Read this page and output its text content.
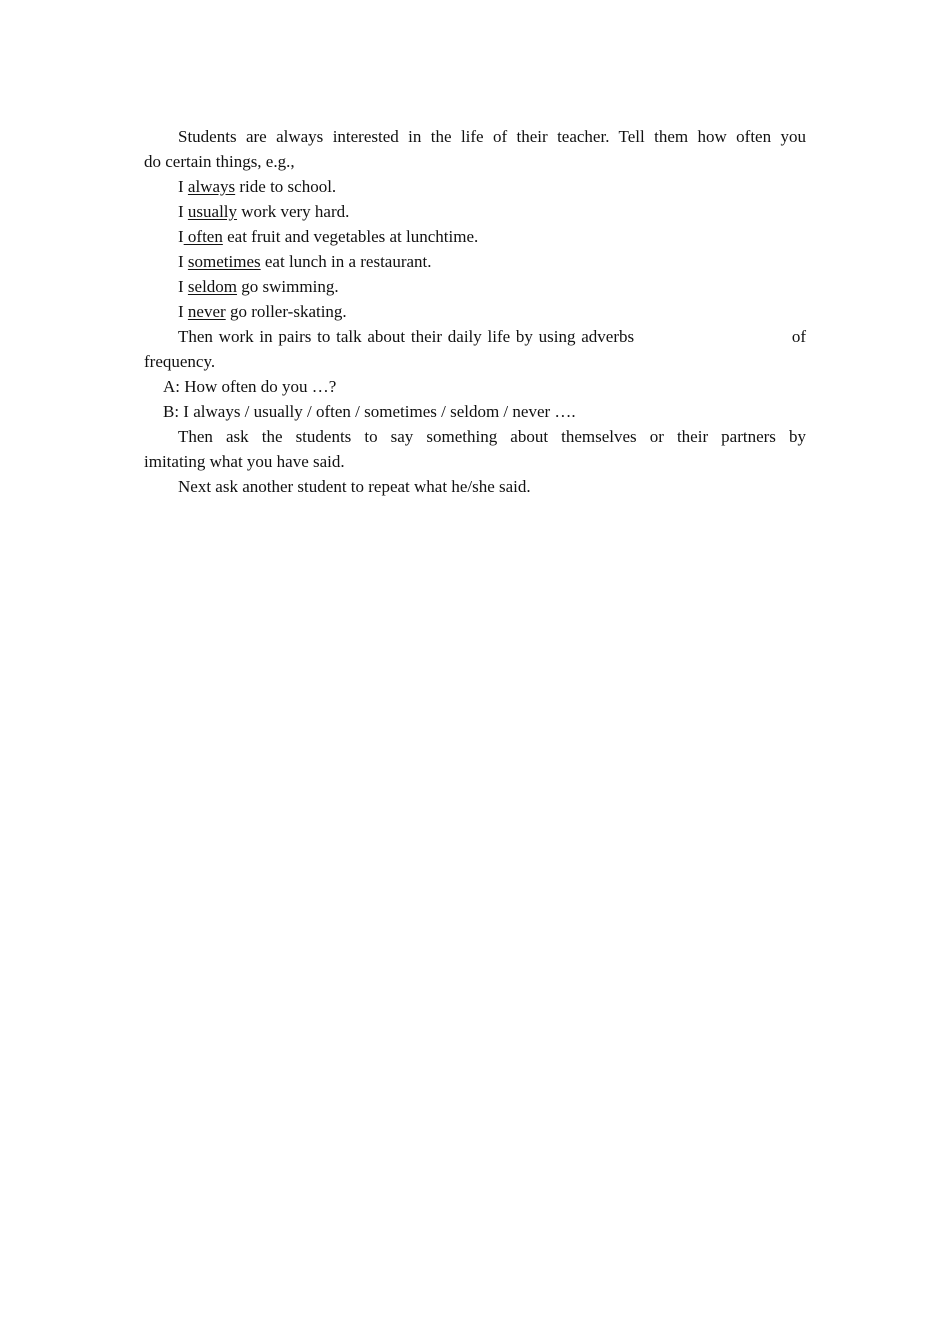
Students are always interested in the life of their teacher. Tell them how often you
do certain things, e.g.,
I always ride to school.
I usually work very hard.
I often eat fruit and vegetables at lunchtime.
I sometimes eat lunch in a restaurant.
I seldom go swimming.
I never go roller-skating.
Then work in pairs to talk about their daily life by using adverbs	of
frequency.
A: How often do you …?
B: I always / usually / often / sometimes / seldom / never ….
Then ask the students to say something about themselves or their partners by
imitating what you have said.
Next ask another student to repeat what he/she said.
